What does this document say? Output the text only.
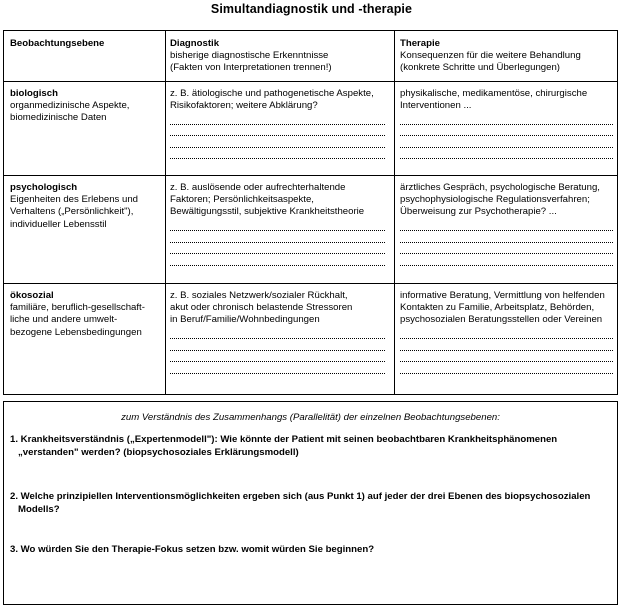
Simultandiagnostik und -therapie
Beobachtungsebene	Diagnostik
bisherige diagnostische Erkenntnisse
(Fakten von Interpretationen trennen!)
Therapie
Konsequenzen für die weitere Behandlung
(konkrete Schritte und Überlegungen)
biologisch
organmedizinische Aspekte,
biomedizinische Daten
z. B. ätiologische und pathogenetische Aspekte,
Risikofaktoren; weitere Abklärung?
physikalische, medikamentöse, chirurgische
Interventionen ...
psychologisch
Eigenheiten des Erlebens und
Verhaltens („Persönlichkeit"),
individueller Lebensstil
z. B. auslösende oder aufrechterhaltende
Faktoren; Persönlichkeitsaspekte,
Bewältigungsstil, subjektive Krankheitstheorie
ärztliches Gespräch, psychologische Beratung,
psychophysiologische Regulationsverfahren;
Überweisung zur Psychotherapie? ...
ökosozial
familiäre, beruflich-gesellschaft-
liche und andere umwelt-
bezogene Lebensbedingungen
z. B. soziales Netzwerk/sozialer Rückhalt,
akut oder chronisch belastende Stressoren
in Beruf/Familie/Wohnbedingungen
informative Beratung, Vermittlung von helfenden
Kontakten zu Familie, Arbeitsplatz, Behörden,
psychosozialen Beratungsstellen oder Vereinen
zum Verständnis des Zusammenhangs (Parallelität) der einzelnen Beobachtungsebenen:
1. Krankheitsverständnis („Expertenmodell"): Wie könnte der Patient mit seinen beobachtbaren Krankheitsphänomenen
„verstanden" werden? (biopsychosoziales Erklärungsmodell)
2. Welche prinzipiellen Interventionsmöglichkeiten ergeben sich (aus Punkt 1) auf jeder der drei Ebenen des biopsychosozialen
Modells?
3. Wo würden Sie den Therapie-Fokus setzen bzw. womit würden Sie beginnen?
